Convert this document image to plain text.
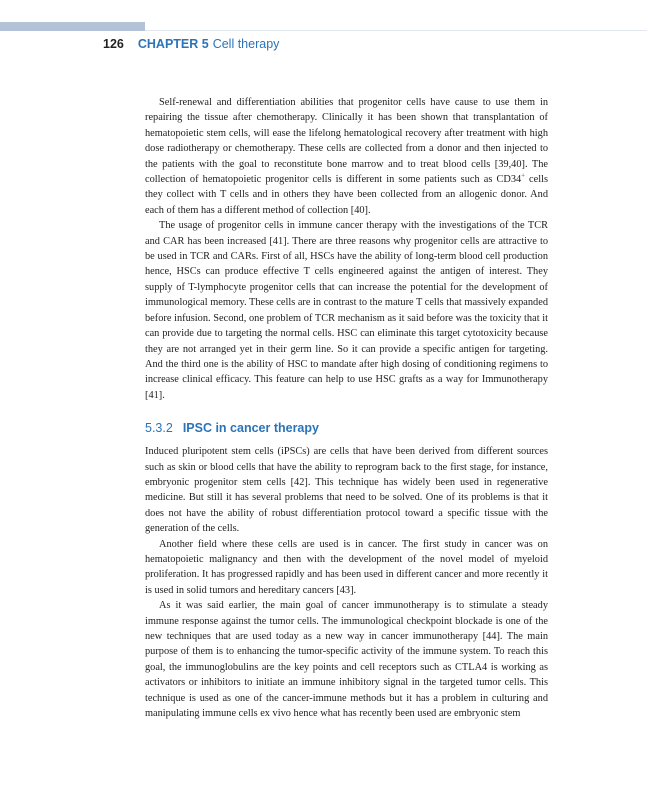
126 CHAPTER 5 Cell therapy

Self-renewal and differentiation abilities that progenitor cells have cause to use them in repairing the tissue after chemotherapy. Clinically it has been shown that transplantation of hematopoietic stem cells, will ease the lifelong hematological recovery after treatment with high dose radiotherapy or chemotherapy. These cells are collected from a donor and then injected to the patients with the goal to reconstitute bone marrow and to treat blood cells [39,40]. The collection of hematopoietic progenitor cells is different in some patients such as CD34+ cells they collect with T cells and in others they have been collected from an allogenic donor. And each of them has a different method of collection [40].

The usage of progenitor cells in immune cancer therapy with the investigations of the TCR and CAR has been increased [41]. There are three reasons why progenitor cells are attractive to be used in TCR and CARs. First of all, HSCs have the ability of long-term blood cell production hence, HSCs can produce effective T cells engineered against the antigen of interest. They supply of T-lymphocyte progenitor cells that can increase the potential for the development of immunological memory. These cells are in contrast to the mature T cells that massively expanded before infusion. Second, one problem of TCR mechanism as it said before was the toxicity that it can provide due to targeting the normal cells. HSC can eliminate this target cytotoxicity because they are not arranged yet in their germ line. So it can provide a specific antigen for targeting. And the third one is the ability of HSC to mandate after high dosing of conditioning regimens to increase clinical efficacy. This feature can help to use HSC grafts as a way for Immunotherapy [41].

5.3.2 IPSC in cancer therapy

Induced pluripotent stem cells (iPSCs) are cells that have been derived from different sources such as skin or blood cells that have the ability to reprogram back to the first stage, for instance, embryonic progenitor stem cells [42]. This technique has widely been used in regenerative medicine. But still it has several problems that need to be solved. One of its problems is that it does not have the ability of robust differentiation protocol toward a specific tissue with the generation of the cells.

Another field where these cells are used is in cancer. The first study in cancer was on hematopoietic malignancy and then with the development of the novel model of myeloid proliferation. It has progressed rapidly and has been used in different cancer and more recently it is used in solid tumors and hereditary cancers [43].

As it was said earlier, the main goal of cancer immunotherapy is to stimulate a steady immune response against the tumor cells. The immunological checkpoint blockade is one of the new techniques that are used today as a new way in cancer immunotherapy [44]. The main purpose of them is to enhancing the tumor-specific activity of the immune system. To reach this goal, the immunoglobulins are the key points and cell receptors such as CTLA4 is working as activators or inhibitors to initiate an immune inhibitory signal in the targeted tumor cells. This technique is used as one of the cancer-immune methods but it has a problem in culturing and manipulating immune cells ex vivo hence what has recently been used are embryonic stem
